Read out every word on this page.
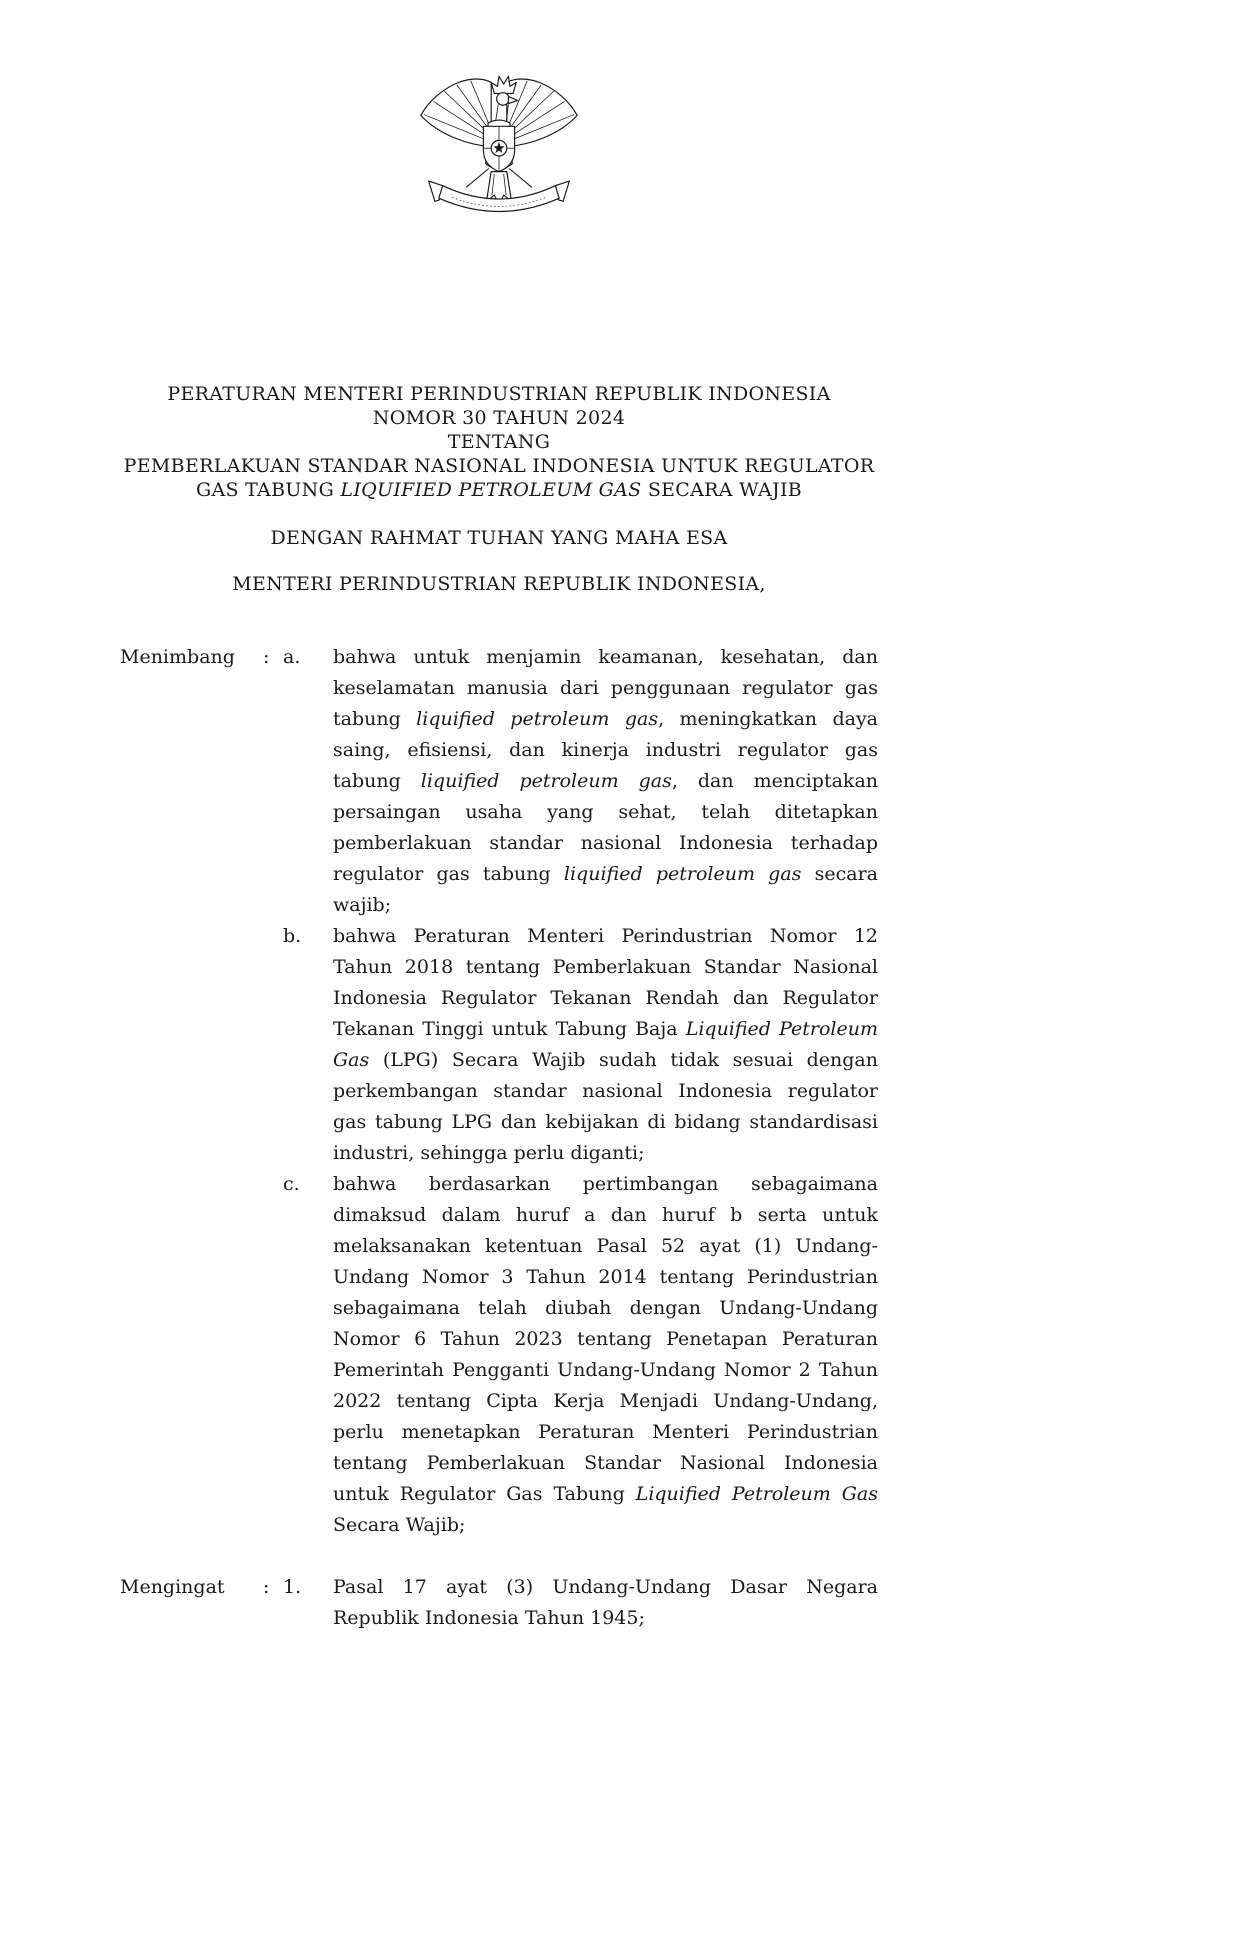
PERATURAN MENTERI PERINDUSTRIAN REPUBLIK INDONESIA

NOMOR 30 TAHUN 2024

TENTANG

PEMBERLAKUAN STANDAR NASIONAL INDONESIA UNTUK REGULATOR

GAS TABUNG LIQUIFIED PETROLEUM GAS SECARA WAJIB

DENGAN RAHMAT TUHAN YANG MAHA ESA

MENTERI PERINDUSTRIAN REPUBLIK INDONESIA,

Menimbang	: a.	bahwa untuk menjamin keamanan, kesehatan, dan keselamatan manusia dari penggunaan regulator gas tabung liquified petroleum gas, meningkatkan daya saing, efisiensi, dan kinerja industri regulator gas tabung liquified petroleum gas, dan menciptakan persaingan usaha yang sehat, telah ditetapkan pemberlakuan standar nasional Indonesia terhadap regulator gas tabung liquified petroleum gas secara wajib;
b.	bahwa Peraturan Menteri Perindustrian Nomor 12 Tahun 2018 tentang Pemberlakuan Standar Nasional Indonesia Regulator Tekanan Rendah dan Regulator Tekanan Tinggi untuk Tabung Baja Liquified Petroleum Gas (LPG) Secara Wajib sudah tidak sesuai dengan perkembangan standar nasional Indonesia regulator gas tabung LPG dan kebijakan di bidang standardisasi industri, sehingga perlu diganti;
c.	bahwa berdasarkan pertimbangan sebagaimana dimaksud dalam huruf a dan huruf b serta untuk melaksanakan ketentuan Pasal 52 ayat (1) Undang-Undang Nomor 3 Tahun 2014 tentang Perindustrian sebagaimana telah diubah dengan Undang-Undang Nomor 6 Tahun 2023 tentang Penetapan Peraturan Pemerintah Pengganti Undang-Undang Nomor 2 Tahun 2022 tentang Cipta Kerja Menjadi Undang-Undang, perlu menetapkan Peraturan Menteri Perindustrian tentang Pemberlakuan Standar Nasional Indonesia untuk Regulator Gas Tabung Liquified Petroleum Gas Secara Wajib;
Mengingat	: 1.	Pasal 17 ayat (3) Undang-Undang Dasar Negara Republik Indonesia Tahun 1945;
